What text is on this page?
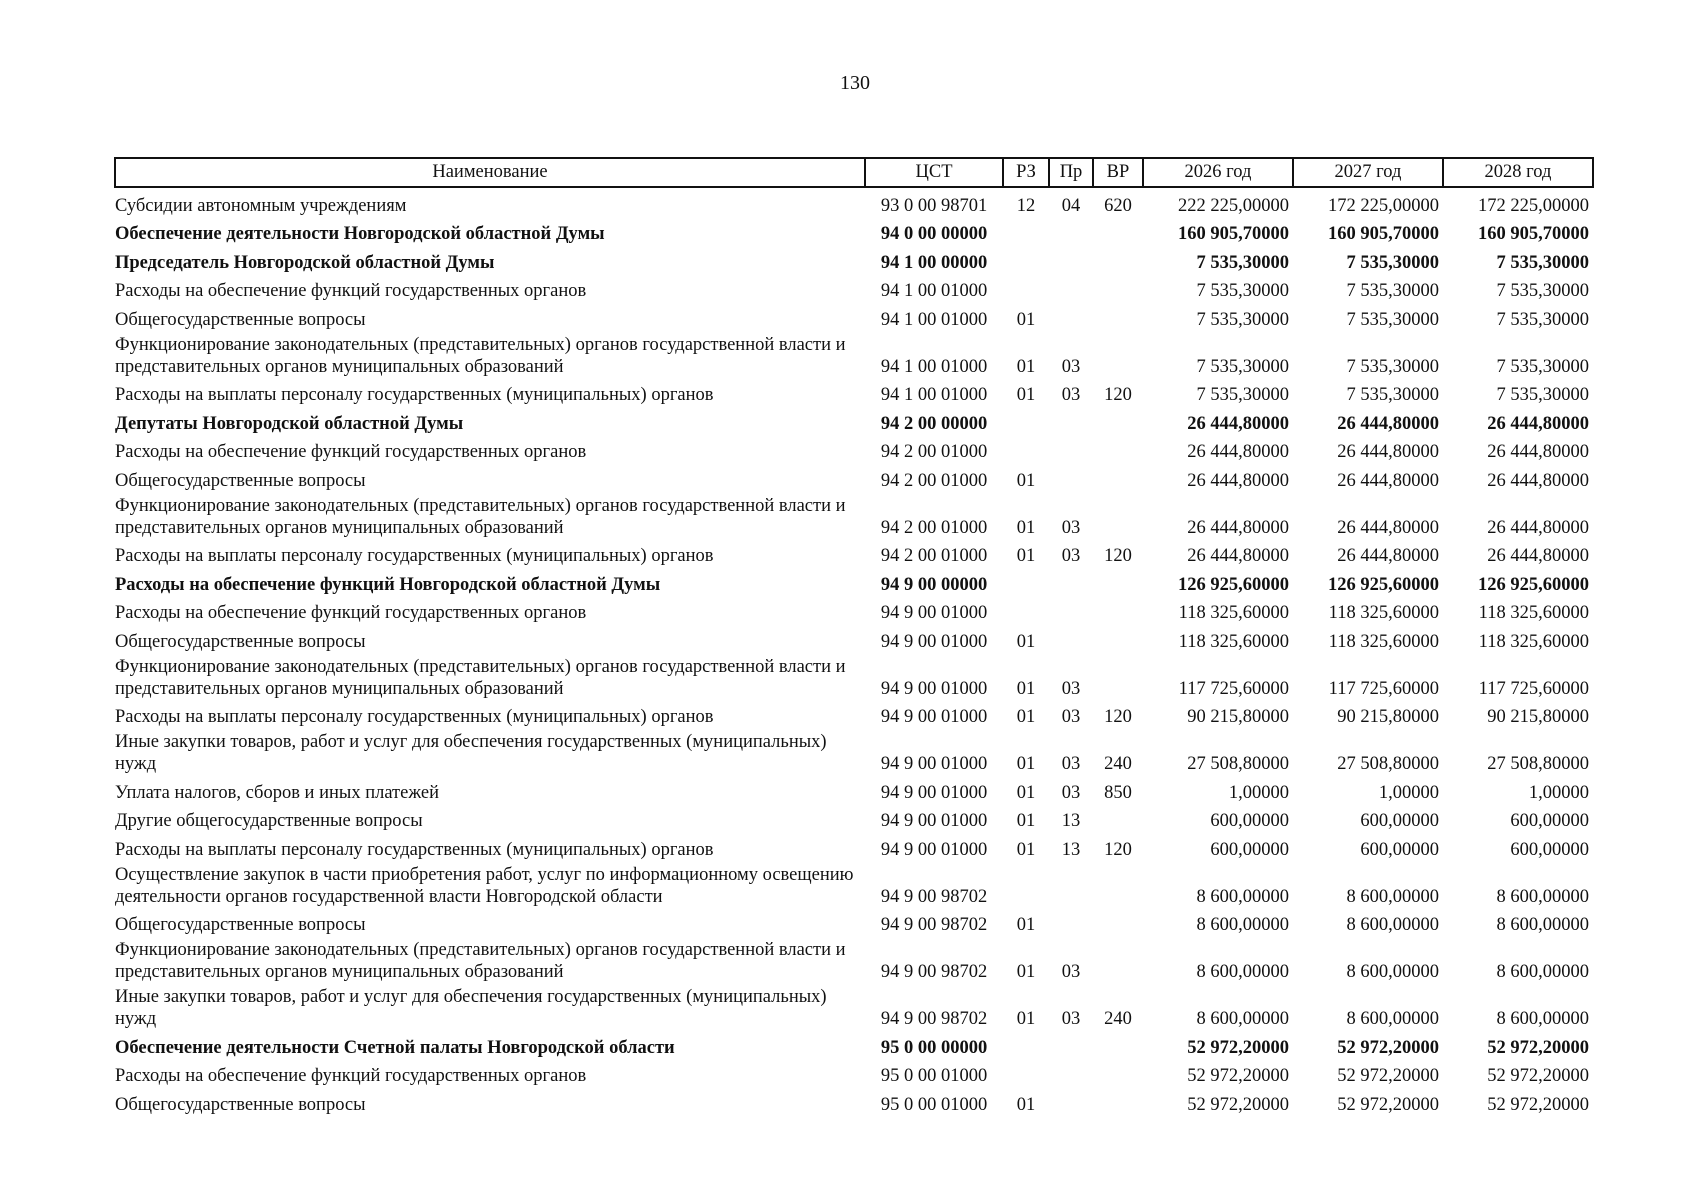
130
Наименование	ЦСТ	РЗ	Пр	ВР	2026 год	2027 год	2028 год
Субсидии автономным учреждениям	93 0 00 98701	12	04	620	222 225,00000	172 225,00000	172 225,00000
Обеспечение деятельности Новгородской областной Думы	94 0 00 00000				160 905,70000	160 905,70000	160 905,70000
Председатель Новгородской областной Думы	94 1 00 00000				7 535,30000	7 535,30000	7 535,30000
Расходы на обеспечение функций государственных органов	94 1 00 01000				7 535,30000	7 535,30000	7 535,30000
Общегосударственные вопросы	94 1 00 01000	01			7 535,30000	7 535,30000	7 535,30000
Функционирование законодательных (представительных) органов государственной власти и представительных органов муниципальных образований	94 1 00 01000	01	03		7 535,30000	7 535,30000	7 535,30000
Расходы на выплаты персоналу государственных (муниципальных) органов	94 1 00 01000	01	03	120	7 535,30000	7 535,30000	7 535,30000
Депутаты Новгородской областной Думы	94 2 00 00000				26 444,80000	26 444,80000	26 444,80000
Расходы на обеспечение функций государственных органов	94 2 00 01000				26 444,80000	26 444,80000	26 444,80000
Общегосударственные вопросы	94 2 00 01000	01			26 444,80000	26 444,80000	26 444,80000
Функционирование законодательных (представительных) органов государственной власти и представительных органов муниципальных образований	94 2 00 01000	01	03		26 444,80000	26 444,80000	26 444,80000
Расходы на выплаты персоналу государственных (муниципальных) органов	94 2 00 01000	01	03	120	26 444,80000	26 444,80000	26 444,80000
Расходы на обеспечение функций Новгородской областной Думы	94 9 00 00000				126 925,60000	126 925,60000	126 925,60000
Расходы на обеспечение функций государственных органов	94 9 00 01000				118 325,60000	118 325,60000	118 325,60000
Общегосударственные вопросы	94 9 00 01000	01			118 325,60000	118 325,60000	118 325,60000
Функционирование законодательных (представительных) органов государственной власти и представительных органов муниципальных образований	94 9 00 01000	01	03		117 725,60000	117 725,60000	117 725,60000
Расходы на выплаты персоналу государственных (муниципальных) органов	94 9 00 01000	01	03	120	90 215,80000	90 215,80000	90 215,80000
Иные закупки товаров, работ и услуг для обеспечения государственных (муниципальных) нужд	94 9 00 01000	01	03	240	27 508,80000	27 508,80000	27 508,80000
Уплата налогов, сборов и иных платежей	94 9 00 01000	01	03	850	1,00000	1,00000	1,00000
Другие общегосударственные вопросы	94 9 00 01000	01	13		600,00000	600,00000	600,00000
Расходы на выплаты персоналу государственных (муниципальных) органов	94 9 00 01000	01	13	120	600,00000	600,00000	600,00000
Осуществление закупок в части приобретения работ, услуг по информационному освещению деятельности органов государственной власти Новгородской области	94 9 00 98702				8 600,00000	8 600,00000	8 600,00000
Общегосударственные вопросы	94 9 00 98702	01			8 600,00000	8 600,00000	8 600,00000
Функционирование законодательных (представительных) органов государственной власти и представительных органов муниципальных образований	94 9 00 98702	01	03		8 600,00000	8 600,00000	8 600,00000
Иные закупки товаров, работ и услуг для обеспечения государственных (муниципальных) нужд	94 9 00 98702	01	03	240	8 600,00000	8 600,00000	8 600,00000
Обеспечение деятельности Счетной палаты Новгородской области	95 0 00 00000				52 972,20000	52 972,20000	52 972,20000
Расходы на обеспечение функций государственных органов	95 0 00 01000				52 972,20000	52 972,20000	52 972,20000
Общегосударственные вопросы	95 0 00 01000	01			52 972,20000	52 972,20000	52 972,20000
